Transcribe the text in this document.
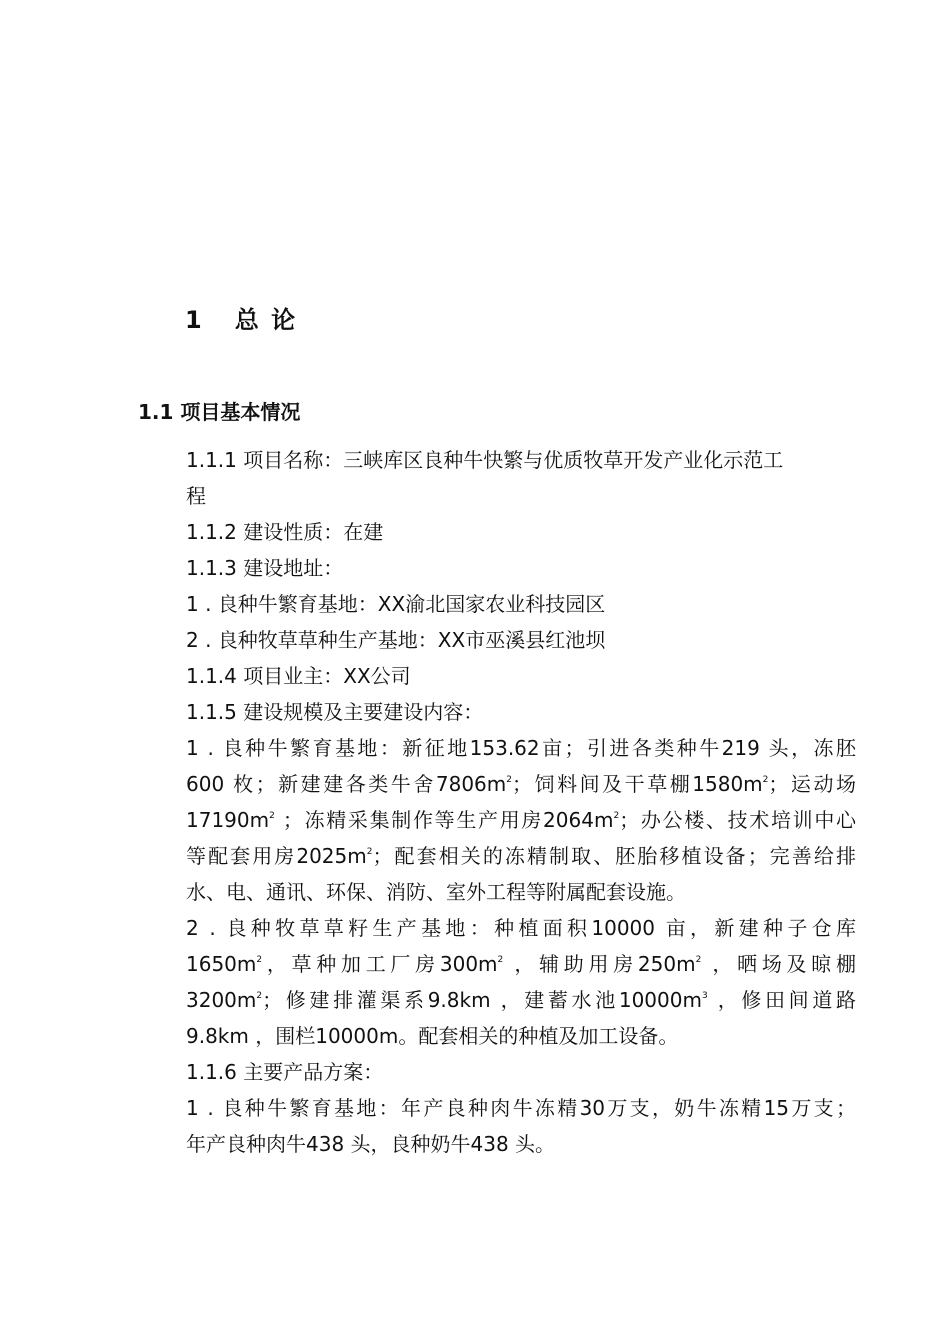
1 总 论
1.1 项目基本情况
1.1.1 项目名称：三峡库区良种牛快繁与优质牧草开发产业化示范工
程
1.1.2 建设性质：在建
1.1.3 建设地址：
1 . 良种牛繁育基地：XX渝北国家农业科技园区
2 . 良种牧草草种生产基地：XX市巫溪县红池坝
1.1.4 项目业主：XX公司
1.1.5 建设规模及主要建设内容：
1 . 良种牛繁育基地：新征地153.62亩；引进各类种牛219 头，冻胚
600 枚；新建建各类牛舍$7806m^2$；饲料间及干草棚$1580m^2$；运动场
$17190m^2$ ；冻精采集制作等生产用房$2064m^2$；办公楼、技术培训中心
等配套用房$2025m^2$；配套相关的冻精制取、胚胎移植设备；完善给排
水、电、通讯、环保、消防、室外工程等附属配套设施。
2 . 良种牧草草籽生产基地：种植面积10000 亩，新建种子仓库
$1650m^2$，草种加工厂房$300m^2$ ，辅助用房$250m^2$ ，晒场及晾棚
$3200m^2$；修建排灌渠系9.8km ，建蓄水池$10000m^3$ ，修田间道路
9.8km ，围栏10000m。配套相关的种植及加工设备。
1.1.6 主要产品方案：
1 . 良种牛繁育基地：年产良种肉牛冻精30万支，奶牛冻精15万支；
年产良种肉牛438 头，良种奶牛438 头。
